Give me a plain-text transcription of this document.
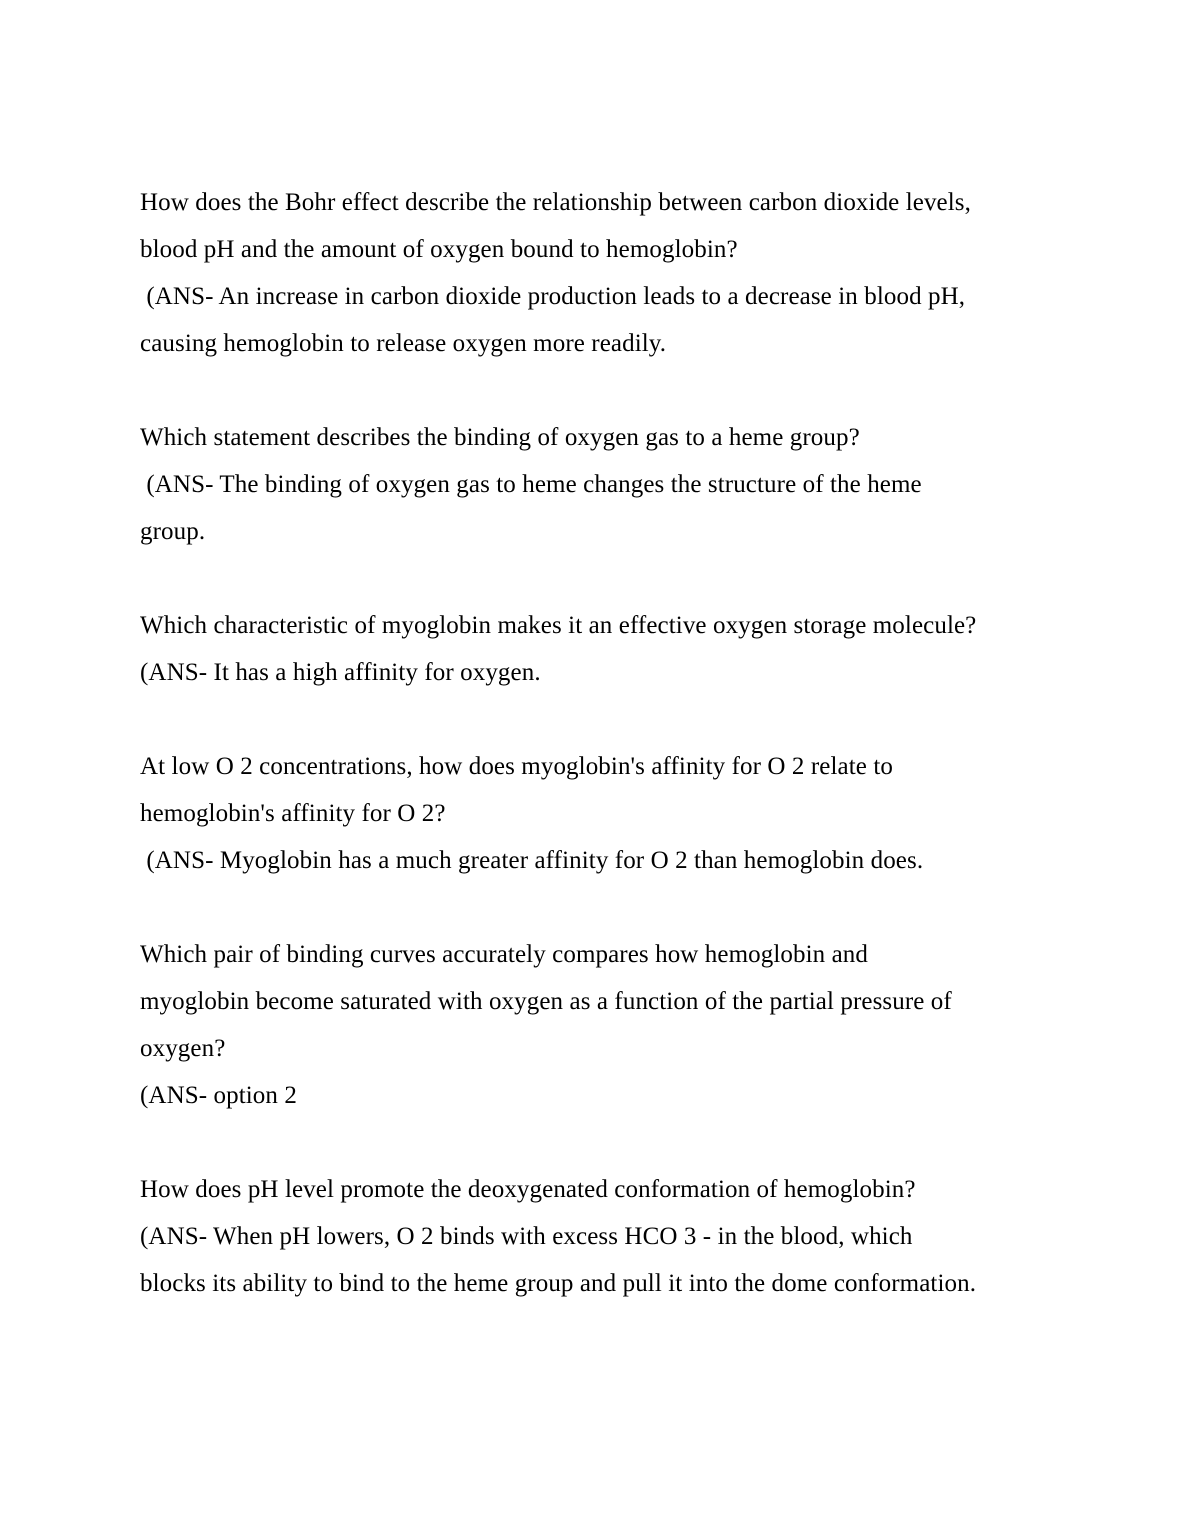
How does the Bohr effect describe the relationship between carbon dioxide levels,
blood pH and the amount of oxygen bound to hemoglobin?
(ANS- An increase in carbon dioxide production leads to a decrease in blood pH,
causing hemoglobin to release oxygen more readily.
Which statement describes the binding of oxygen gas to a heme group?
(ANS- The binding of oxygen gas to heme changes the structure of the heme
group.
Which characteristic of myoglobin makes it an effective oxygen storage molecule?
(ANS- It has a high affinity for oxygen.
At low O 2 concentrations, how does myoglobin's affinity for O 2 relate to
hemoglobin's affinity for O 2?
(ANS- Myoglobin has a much greater affinity for O 2 than hemoglobin does.
Which pair of binding curves accurately compares how hemoglobin and
myoglobin become saturated with oxygen as a function of the partial pressure of
oxygen?
(ANS- option 2
How does pH level promote the deoxygenated conformation of hemoglobin?
(ANS- When pH lowers, O 2 binds with excess HCO 3 - in the blood, which
blocks its ability to bind to the heme group and pull it into the dome conformation.
